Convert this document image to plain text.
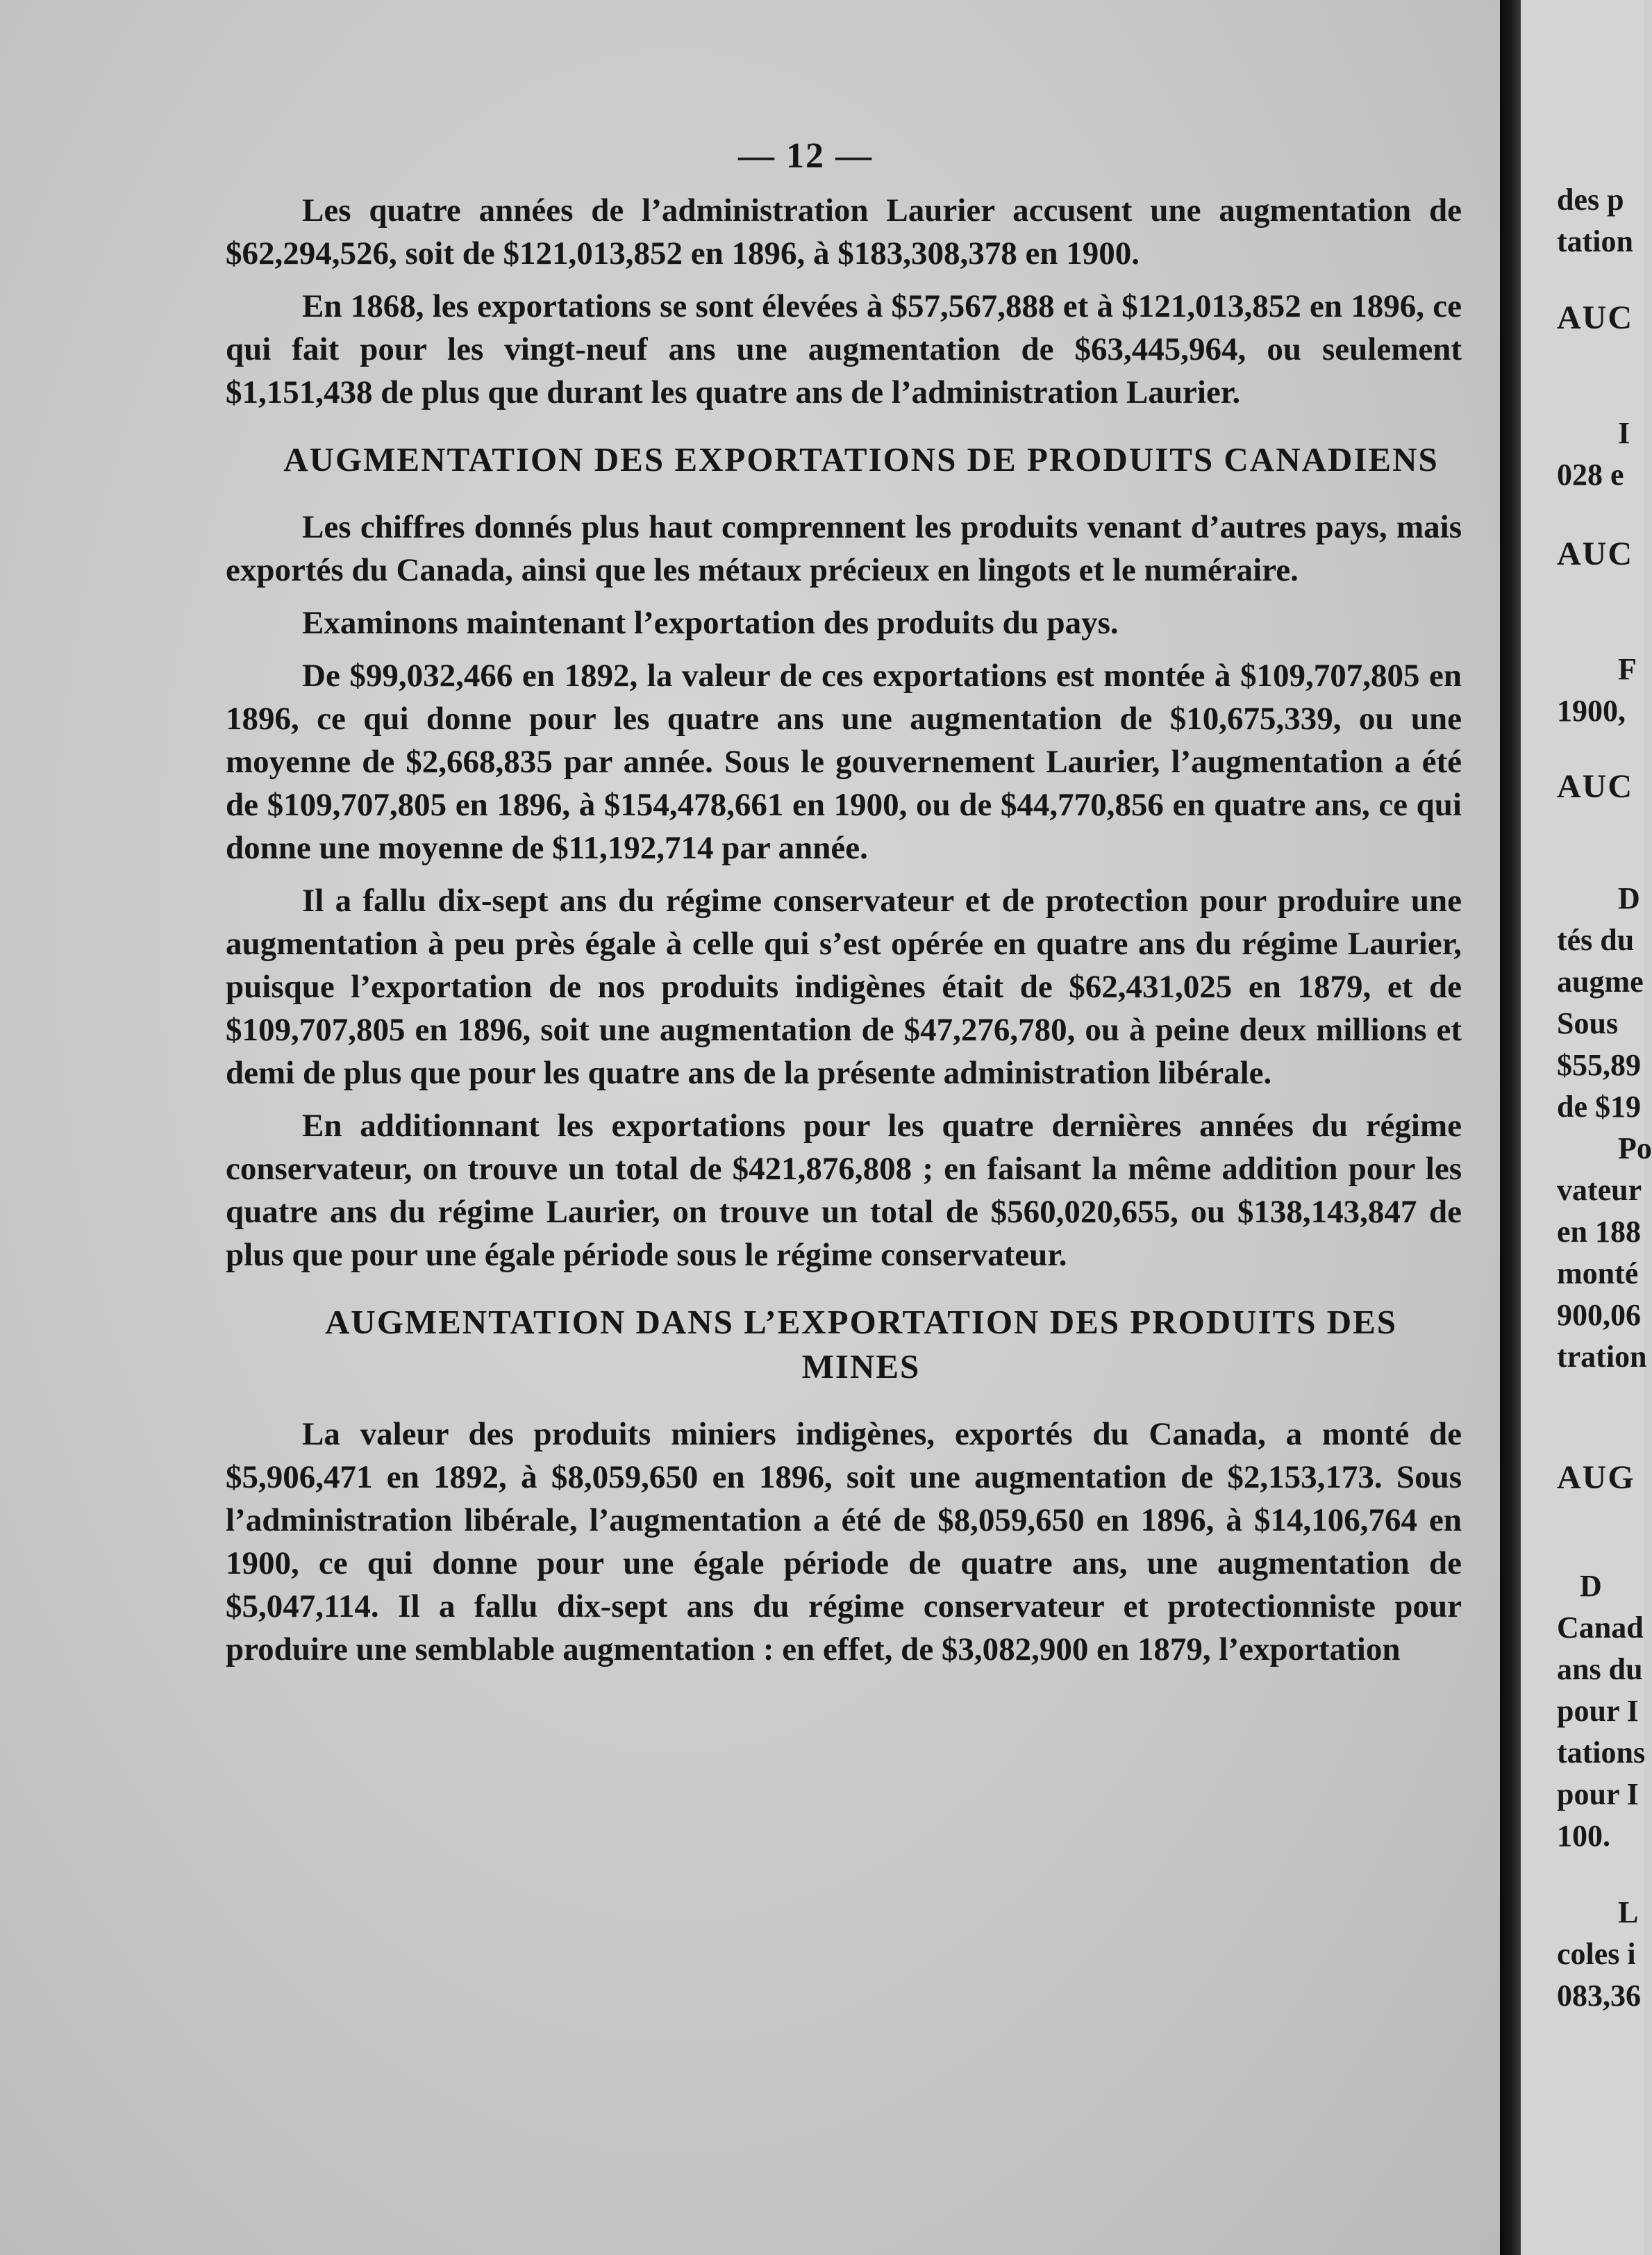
— 12 —

Les quatre années de l’administration Laurier accusent une augmentation de $62,294,526, soit de $121,013,852 en 1896, à $183,308,378 en 1900.

En 1868, les exportations se sont élevées à $57,567,888 et à $121,013,852 en 1896, ce qui fait pour les vingt-neuf ans une augmentation de $63,445,964, ou seulement $1,151,438 de plus que durant les quatre ans de l’administration Laurier.

AUGMENTATION DES EXPORTATIONS DE PRODUITS CANADIENS

Les chiffres donnés plus haut comprennent les produits venant d’autres pays, mais exportés du Canada, ainsi que les métaux précieux en lingots et le numéraire.

Examinons maintenant l’exportation des produits du pays.

De $99,032,466 en 1892, la valeur de ces exportations est montée à $109,707,805 en 1896, ce qui donne pour les quatre ans une augmentation de $10,675,339, ou une moyenne de $2,668,835 par année. Sous le gouvernement Laurier, l’augmentation a été de $109,707,805 en 1896, à $154,478,661 en 1900, ou de $44,770,856 en quatre ans, ce qui donne une moyenne de $11,192,714 par année.

Il a fallu dix-sept ans du régime conservateur et de protection pour produire une augmentation à peu près égale à celle qui s’est opérée en quatre ans du régime Laurier, puisque l’exportation de nos produits indigènes était de $62,431,025 en 1879, et de $109,707,805 en 1896, soit une augmentation de $47,276,780, ou à peine deux millions et demi de plus que pour les quatre ans de la présente administration libérale.

En additionnant les exportations pour les quatre dernières années du régime conservateur, on trouve un total de $421,876,808 ; en faisant la même addition pour les quatre ans du régime Laurier, on trouve un total de $560,020,655, ou $138,143,847 de plus que pour une égale période sous le régime conservateur.

AUGMENTATION DANS L’EXPORTATION DES PRODUITS DES MINES

La valeur des produits miniers indigènes, exportés du Canada, a monté de $5,906,471 en 1892, à $8,059,650 en 1896, soit une augmentation de $2,153,173. Sous l’administration libérale, l’augmentation a été de $8,059,650 en 1896, à $14,106,764 en 1900, ce qui donne pour une égale période de quatre ans, une augmentation de $5,047,114. Il a fallu dix-sept ans du régime conservateur et protectionniste pour produire une semblable augmentation : en effet, de $3,082,900 en 1879, l’exportation

des p
tation
AUC
I
028 e
AUC
F
1900,
AUC
D
tés du
augme
Sous
$55,89
de $19
Po
vateur
en 188
monté
900,06
tration
AUG
D
Canad
ans du
pour I
tations
pour I
100.
L
coles i
083,36
